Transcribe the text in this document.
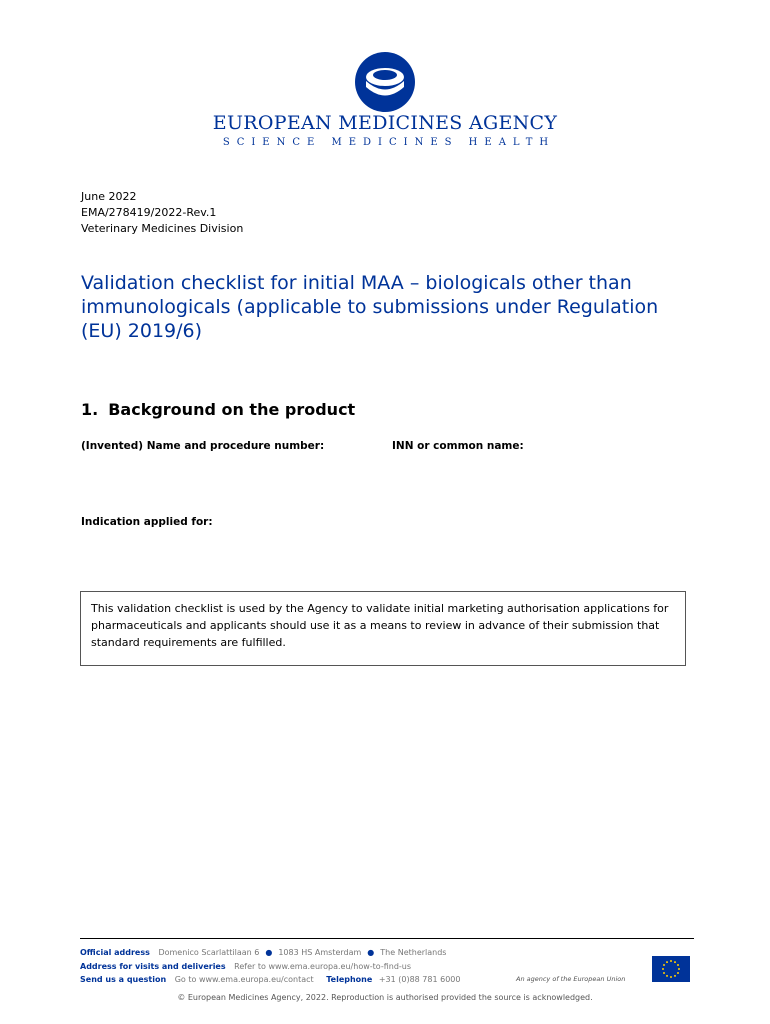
EUROPEAN MEDICINES AGENCY
SCIENCE MEDICINES HEALTH
June 2022
EMA/278419/2022-Rev.1
Veterinary Medicines Division
Validation checklist for initial MAA – biologicals other than immunologicals (applicable to submissions under Regulation (EU) 2019/6)
1. Background on the product
(Invented) Name and procedure number:	INN or common name:
Indication applied for:
This validation checklist is used by the Agency to validate initial marketing authorisation applications for pharmaceuticals and applicants should use it as a means to review in advance of their submission that standard requirements are fulfilled.
Official address Domenico Scarlattilaan 6 ● 1083 HS Amsterdam ● The Netherlands
Address for visits and deliveries Refer to www.ema.europa.eu/how-to-find-us
Send us a question Go to www.ema.europa.eu/contact Telephone +31 (0)88 781 6000	An agency of the European Union
© European Medicines Agency, 2022. Reproduction is authorised provided the source is acknowledged.
